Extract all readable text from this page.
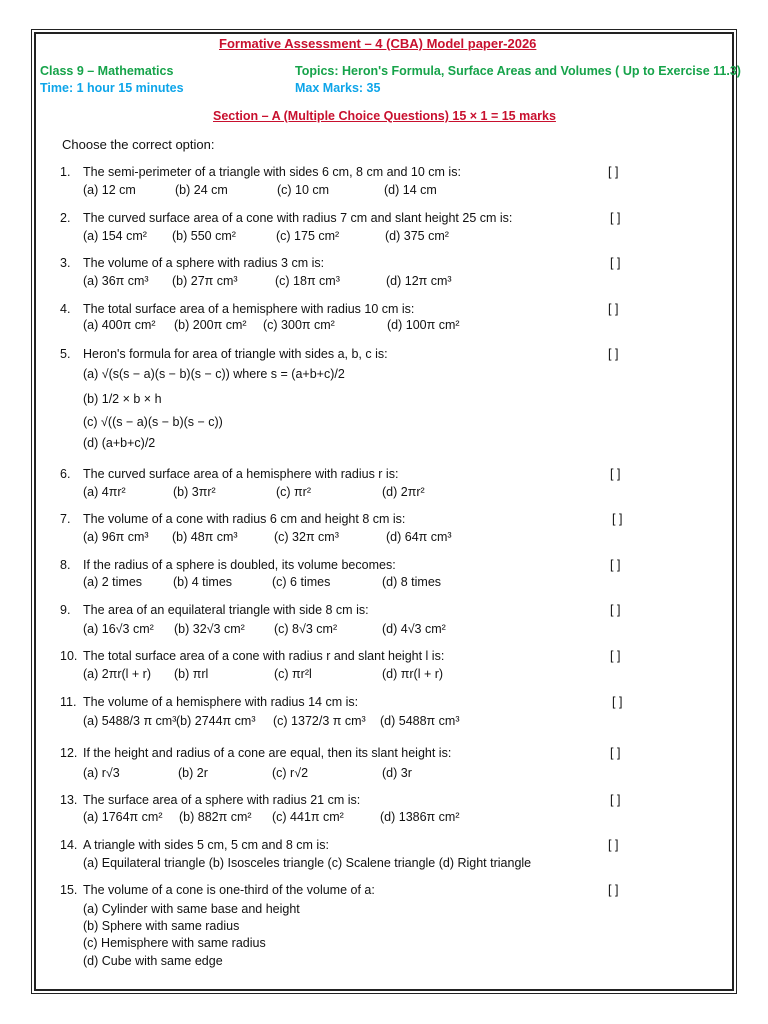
Formative Assessment – 4 (CBA) Model paper-2026
Class 9 – Mathematics
Time: 1 hour 15 minutes
Topics: Heron's Formula, Surface Areas and Volumes ( Up to Exercise 11.3)
Max Marks: 35
Section – A (Multiple Choice Questions) 15 × 1 = 15 marks
Choose the correct option:
1. The semi-perimeter of a triangle with sides 6 cm, 8 cm and 10 cm is:	[ ]
(a) 12 cm	(b) 24 cm	(c) 10 cm	(d) 14 cm
2. The curved surface area of a cone with radius 7 cm and slant height 25 cm is:	[ ]
(a) 154 cm² (b) 550 cm²	(c) 175 cm²	(d) 375 cm²
3. The volume of a sphere with radius 3 cm is:	[ ]
(a) 36π cm³ (b) 27π cm³	(c) 18π cm³	(d) 12π cm³
4. The total surface area of a hemisphere with radius 10 cm is:	[ ]
(a) 400π cm² (b) 200π cm² (c) 300π cm²	(d) 100π cm²
5. Heron's formula for area of triangle with sides a, b, c is:	[ ]
(a) √(s(s − a)(s − b)(s − c)) where s = (a+b+c)/2
(b) 1/2 × b × h
(c) √((s − a)(s − b)(s − c))
(d) (a+b+c)/2
6. The curved surface area of a hemisphere with radius r is:	[ ]
(a) 4πr²	(b) 3πr²	(c) πr²	(d) 2πr²
7. The volume of a cone with radius 6 cm and height 8 cm is:	[ ]
(a) 96π cm³ (b) 48π cm³	(c) 32π cm³	(d) 64π cm³
8. If the radius of a sphere is doubled, its volume becomes:	[ ]
(a) 2 times (b) 4 times	(c) 6 times	(d) 8 times
9. The area of an equilateral triangle with side 8 cm is:	[ ]
(a) 16√3 cm² (b) 32√3 cm² (c) 8√3 cm²	(d) 4√3 cm²
10. The total surface area of a cone with radius r and slant height l is:	[ ]
(a) 2πr(l + r) (b) πrl	(c) πr²l	(d) πr(l + r)
11. The volume of a hemisphere with radius 14 cm is:	[ ]
(a) 5488/3 π cm³ (b) 2744π cm³ (c) 1372/3 π cm³ (d) 5488π cm³
12. If the height and radius of a cone are equal, then its slant height is:	[ ]
(a) r√3	(b) 2r	(c) r√2	(d) 3r
13. The surface area of a sphere with radius 21 cm is:	[ ]
(a) 1764π cm² (b) 882π cm² (c) 441π cm²	(d) 1386π cm²
14. A triangle with sides 5 cm, 5 cm and 8 cm is:	[ ]
(a) Equilateral triangle (b) Isosceles triangle (c) Scalene triangle (d) Right triangle
15. The volume of a cone is one-third of the volume of a:	[ ]
(a) Cylinder with same base and height
(b) Sphere with same radius
(c) Hemisphere with same radius
(d) Cube with same edge
